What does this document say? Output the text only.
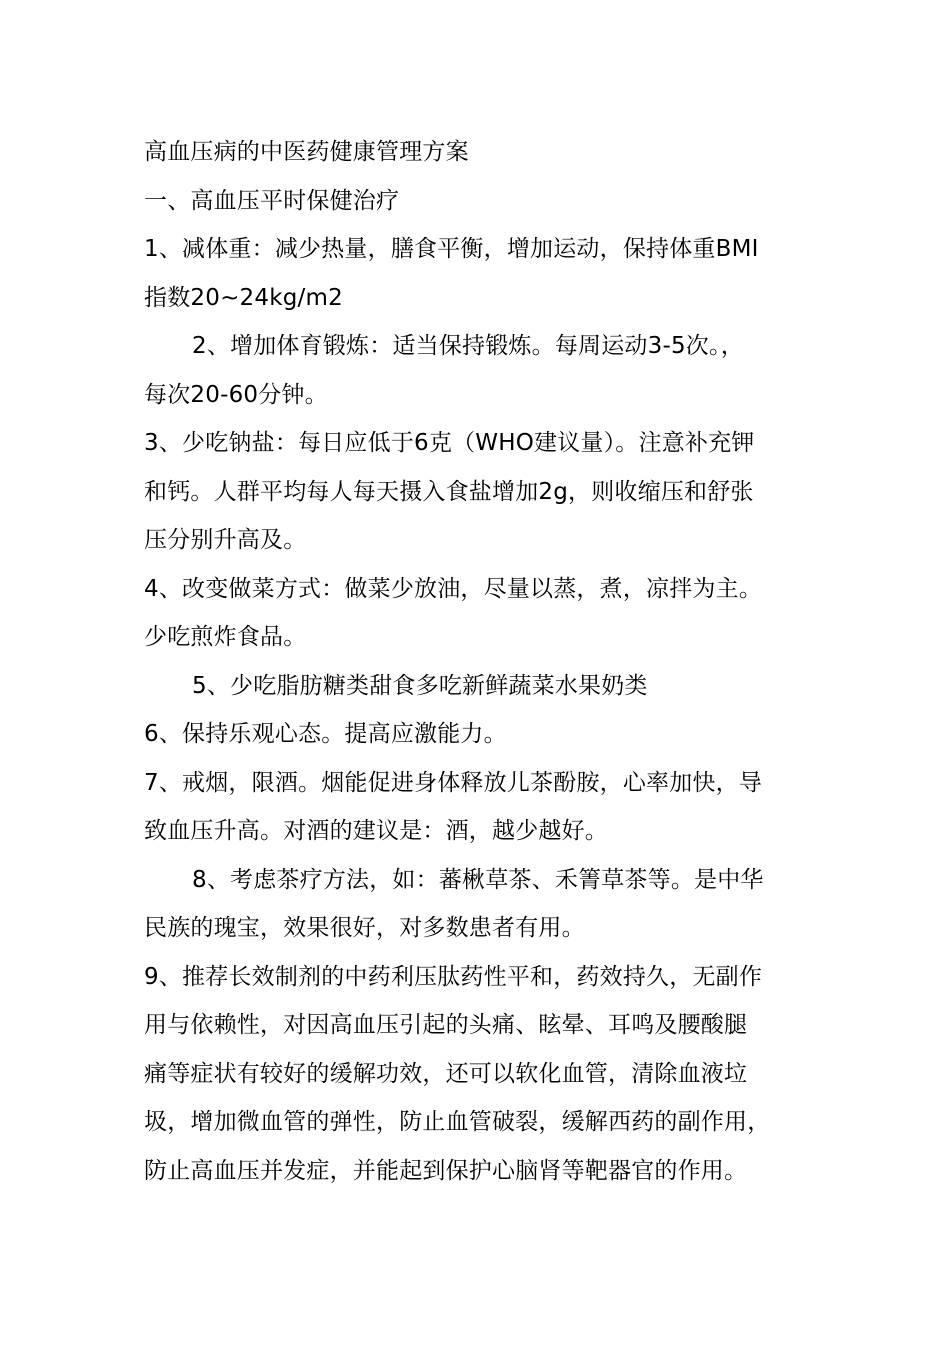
高血压病的中医药健康管理方案

一、高血压平时保健治疗

1、减体重：减少热量，膳食平衡，增加运动，保持体重BMI

指数20~24kg/m2

2、增加体育锻炼：适当保持锻炼。每周运动3-5次。，

每次20-60分钟。

3、少吃钠盐：每日应低于6克（WHO建议量）。注意补充钾

和钙。人群平均每人每天摄入食盐增加2g，则收缩压和舒张

压分别升高及。

4、改变做菜方式：做菜少放油，尽量以蒸，煮，凉拌为主。

少吃煎炸食品。

5、少吃脂肪糖类甜食多吃新鲜蔬菜水果奶类

6、保持乐观心态。提高应激能力。

7、戒烟，限酒。烟能促进身体释放儿茶酚胺，心率加快，导

致血压升高。对酒的建议是：酒，越少越好。

8、考虑茶疗方法，如：蕃楸草茶、禾箐草茶等。是中华

民族的瑰宝，效果很好，对多数患者有用。

9、推荐长效制剂的中药利压肽药性平和，药效持久，无副作

用与依赖性，对因高血压引起的头痛、眩晕、耳鸣及腰酸腿

痛等症状有较好的缓解功效，还可以软化血管，清除血液垃

圾，增加微血管的弹性，防止血管破裂，缓解西药的副作用，

防止高血压并发症，并能起到保护心脑肾等靶器官的作用。
